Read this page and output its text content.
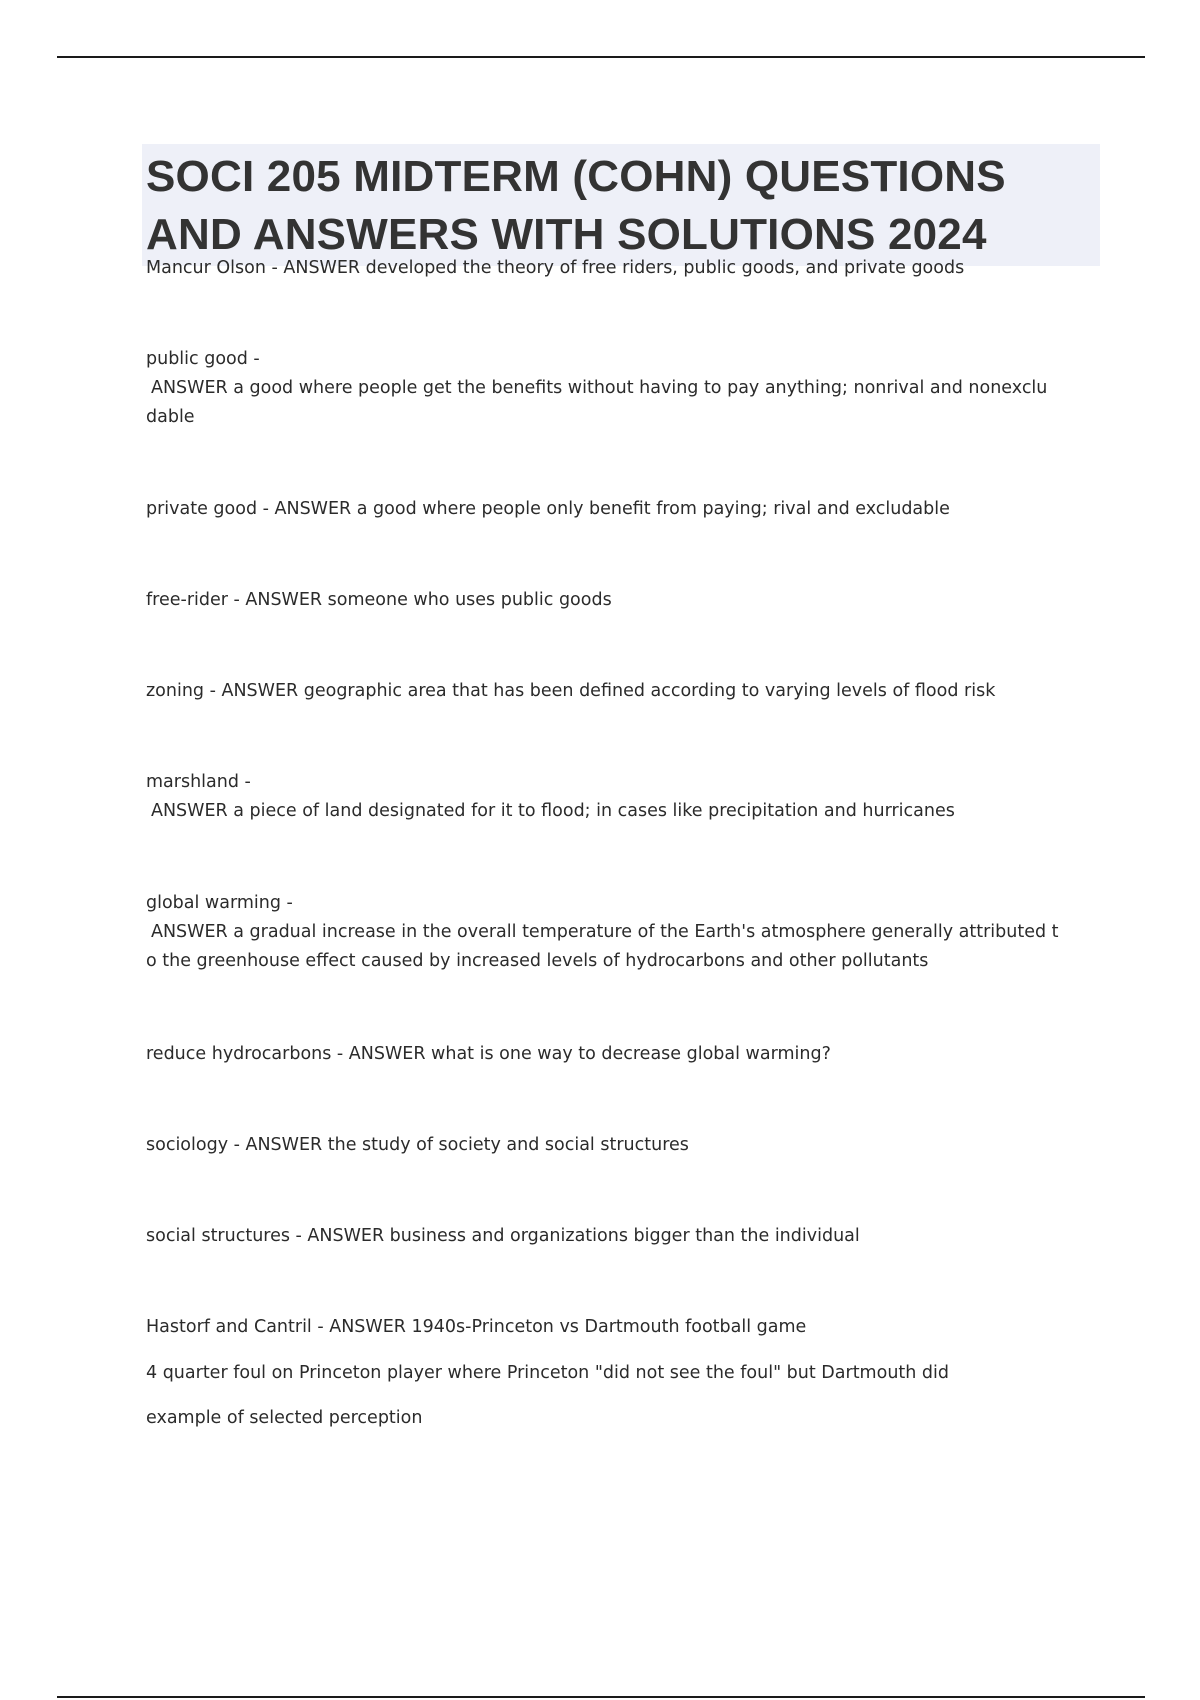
SOCI 205 MIDTERM (COHN) QUESTIONS
AND ANSWERS WITH SOLUTIONS 2024
Mancur Olson - ANSWER developed the theory of free riders, public goods, and private goods
public good -
ANSWER a good where people get the benefits without having to pay anything; nonrival and nonexclu
dable
private good - ANSWER a good where people only benefit from paying; rival and excludable
free-rider - ANSWER someone who uses public goods
zoning - ANSWER geographic area that has been defined according to varying levels of flood risk
marshland -
ANSWER a piece of land designated for it to flood; in cases like precipitation and hurricanes
global warming -
ANSWER a gradual increase in the overall temperature of the Earth's atmosphere generally attributed t
o the greenhouse effect caused by increased levels of hydrocarbons and other pollutants
reduce hydrocarbons - ANSWER what is one way to decrease global warming?
sociology - ANSWER the study of society and social structures
social structures - ANSWER business and organizations bigger than the individual
Hastorf and Cantril - ANSWER 1940s-Princeton vs Dartmouth football game
4 quarter foul on Princeton player where Princeton "did not see the foul" but Dartmouth did
example of selected perception
